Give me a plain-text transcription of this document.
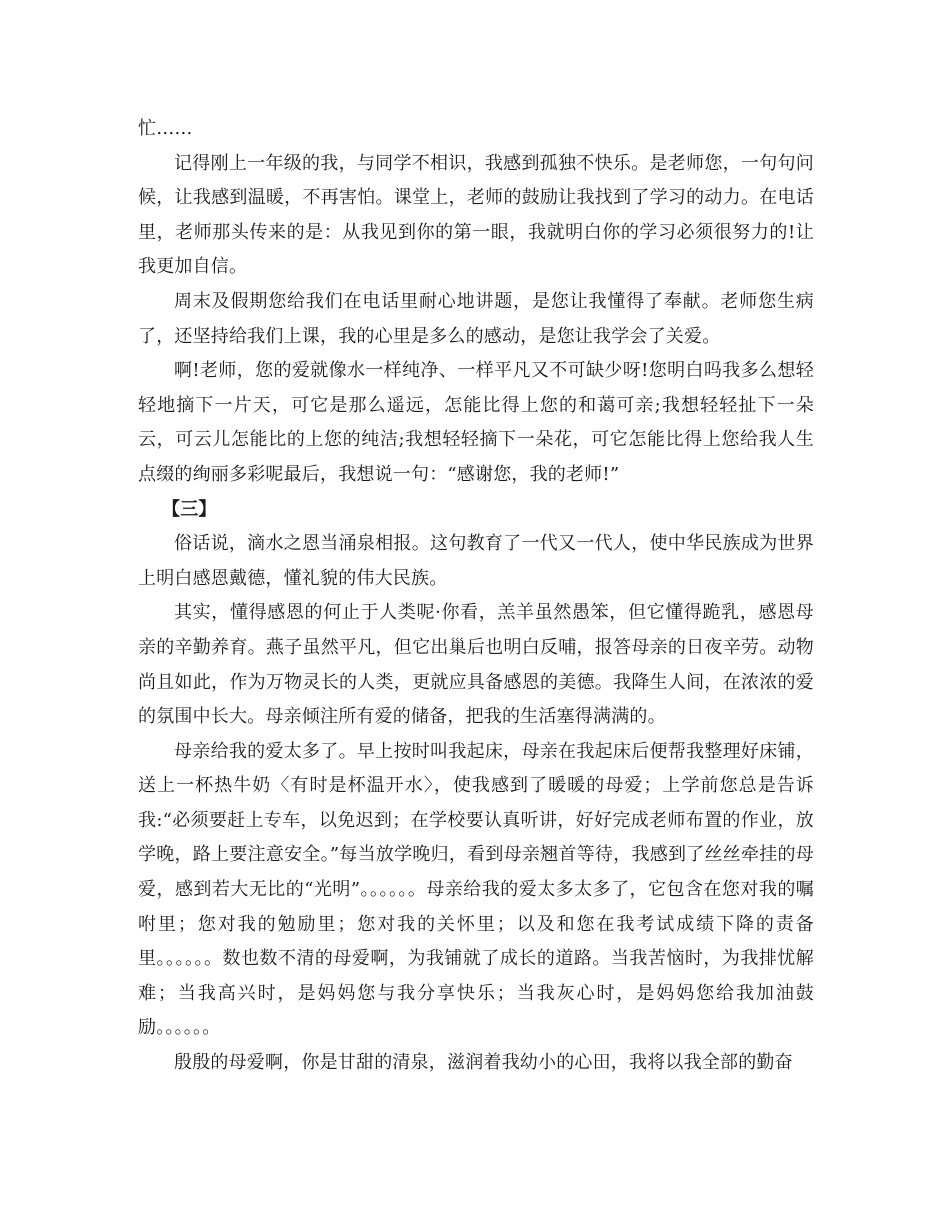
忙……

记得刚上一年级的我，与同学不相识，我感到孤独不快乐。是老师您，一句句问候，让我感到温暖，不再害怕。课堂上，老师的鼓励让我找到了学习的动力。在电话里，老师那头传来的是：从我见到你的第一眼，我就明白你的学习必须很努力的!让我更加自信。

周末及假期您给我们在电话里耐心地讲题，是您让我懂得了奉献。老师您生病了，还坚持给我们上课，我的心里是多么的感动，是您让我学会了关爱。

啊!老师，您的爱就像水一样纯净、一样平凡又不可缺少呀!您明白吗我多么想轻轻地摘下一片天，可它是那么遥远，怎能比得上您的和蔼可亲;我想轻轻扯下一朵云，可云儿怎能比的上您的纯洁;我想轻轻摘下一朵花，可它怎能比得上您给我人生点缀的绚丽多彩呢最后，我想说一句：“感谢您，我的老师!”

【三】

俗话说，滴水之恩当涌泉相报。这句教育了一代又一代人，使中华民族成为世界上明白感恩戴德，懂礼貌的伟大民族。

其实，懂得感恩的何止于人类呢·你看，羔羊虽然愚笨，但它懂得跪乳，感恩母亲的辛勤养育。燕子虽然平凡，但它出巢后也明白反哺，报答母亲的日夜辛劳。动物尚且如此，作为万物灵长的人类，更就应具备感恩的美德。我降生人间，在浓浓的爱的氛围中长大。母亲倾注所有爱的储备，把我的生活塞得满满的。

母亲给我的爱太多了。早上按时叫我起床，母亲在我起床后便帮我整理好床铺，送上一杯热牛奶〈有时是杯温开水〉，使我感到了暖暖的母爱；上学前您总是告诉我:“必须要赶上专车，以免迟到；在学校要认真听讲，好好完成老师布置的作业，放学晚，路上要注意安全。”每当放学晚归，看到母亲翘首等待，我感到了丝丝牵挂的母爱，感到若大无比的“光明”。。。。。。母亲给我的爱太多太多了，它包含在您对我的嘱咐里；您对我的勉励里；您对我的关怀里；以及和您在我考试成绩下降的责备里。。。。。。数也数不清的母爱啊，为我铺就了成长的道路。当我苦恼时，为我排忧解难；当我高兴时，是妈妈您与我分享快乐；当我灰心时，是妈妈您给我加油鼓励。。。。。。

殷殷的母爱啊，你是甘甜的清泉，滋润着我幼小的心田，我将以我全部的勤奋
